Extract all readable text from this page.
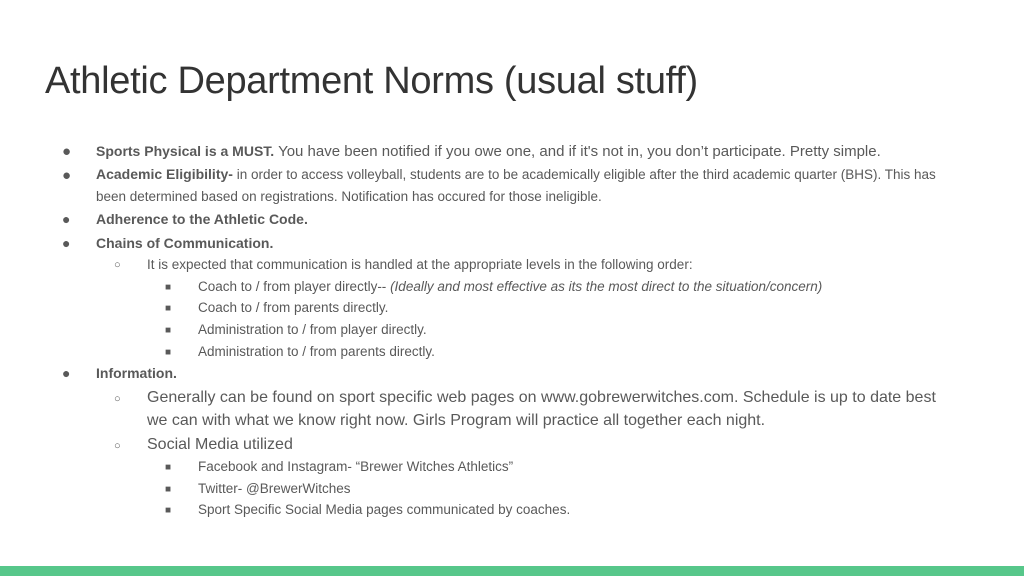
Athletic Department Norms (usual stuff)
● Sports Physical is a MUST. You have been notified if you owe one, and if it's not in, you don’t participate. Pretty simple.
● Academic Eligibility- in order to access volleyball, students are to be academically eligible after the third academic quarter (BHS). This has been determined based on registrations. Notification has occured for those ineligible.
● Adherence to the Athletic Code.
● Chains of Communication.
○ It is expected that communication is handled at the appropriate levels in the following order:
■ Coach to / from player directly-- (Ideally and most effective as its the most direct to the situation/concern)
■ Coach to / from parents directly.
■ Administration to / from player directly.
■ Administration to / from parents directly.
● Information.
○ Generally can be found on sport specific web pages on www.gobrewerwitches.com. Schedule is up to date best we can with what we know right now. Girls Program will practice all together each night.
○ Social Media utilized
■ Facebook and Instagram- “Brewer Witches Athletics”
■ Twitter- @BrewerWitches
■ Sport Specific Social Media pages communicated by coaches.
